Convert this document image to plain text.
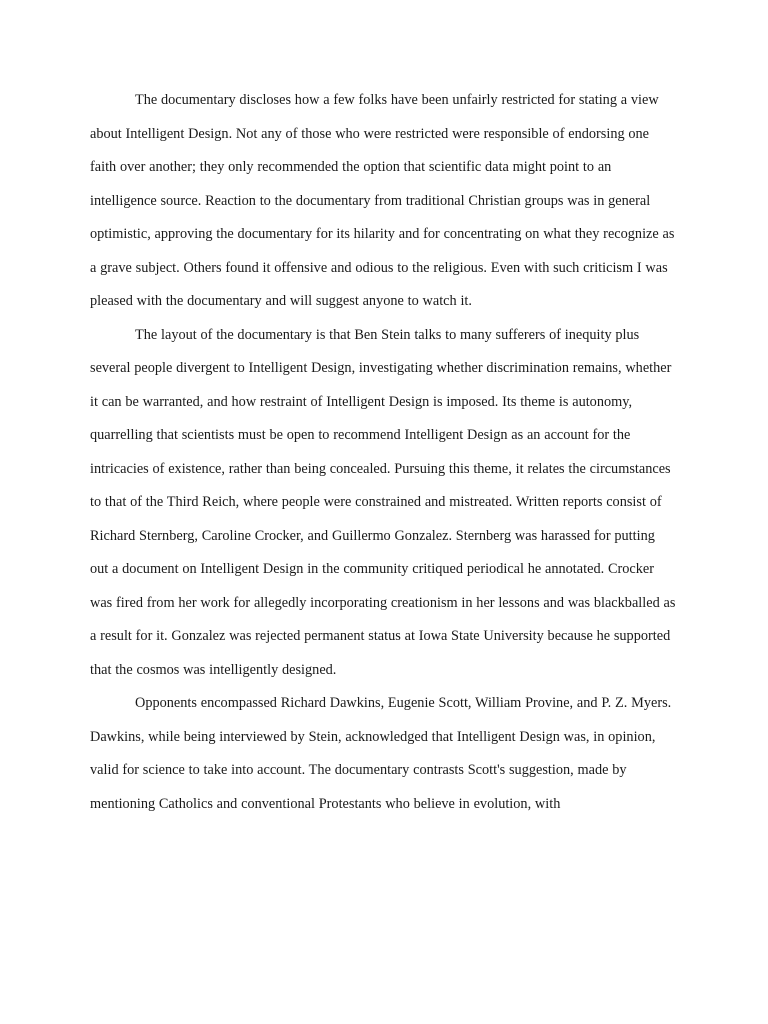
The documentary discloses how a few folks have been unfairly restricted for stating a view about Intelligent Design. Not any of those who were restricted were responsible of endorsing one faith over another; they only recommended the option that scientific data might point to an intelligence source. Reaction to the documentary from traditional Christian groups was in general optimistic, approving the documentary for its hilarity and for concentrating on what they recognize as a grave subject. Others found it offensive and odious to the religious. Even with such criticism I was pleased with the documentary and will suggest anyone to watch it.

The layout of the documentary is that Ben Stein talks to many sufferers of inequity plus several people divergent to Intelligent Design, investigating whether discrimination remains, whether it can be warranted, and how restraint of Intelligent Design is imposed. Its theme is autonomy, quarrelling that scientists must be open to recommend Intelligent Design as an account for the intricacies of existence, rather than being concealed. Pursuing this theme, it relates the circumstances to that of the Third Reich, where people were constrained and mistreated. Written reports consist of Richard Sternberg, Caroline Crocker, and Guillermo Gonzalez. Sternberg was harassed for putting out a document on Intelligent Design in the community critiqued periodical he annotated. Crocker was fired from her work for allegedly incorporating creationism in her lessons and was blackballed as a result for it. Gonzalez was rejected permanent status at Iowa State University because he supported that the cosmos was intelligently designed.

Opponents encompassed Richard Dawkins, Eugenie Scott, William Provine, and P. Z. Myers. Dawkins, while being interviewed by Stein, acknowledged that Intelligent Design was, in opinion, valid for science to take into account. The documentary contrasts Scott's suggestion, made by mentioning Catholics and conventional Protestants who believe in evolution, with
